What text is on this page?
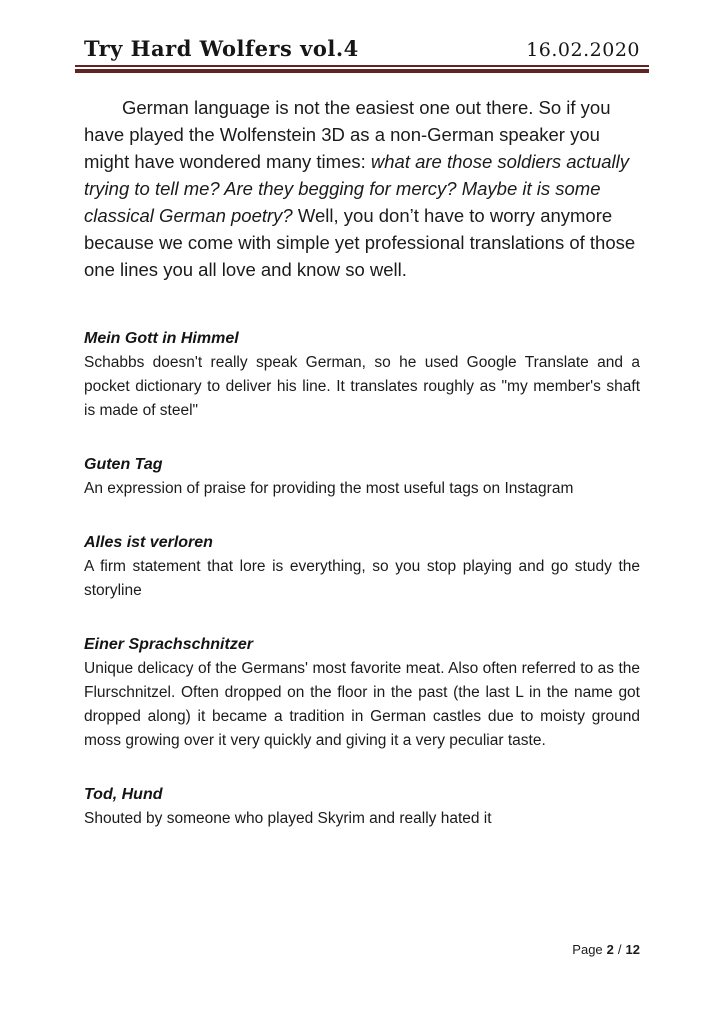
Try Hard Wolfers vol.4	16.02.2020

German language is not the easiest one out there. So if you have played the Wolfenstein 3D as a non-German speaker you might have wondered many times: what are those soldiers actually trying to tell me? Are they begging for mercy? Maybe it is some classical German poetry? Well, you don’t have to worry anymore because we come with simple yet professional translations of those one lines you all love and know so well.

Mein Gott in Himmel
Schabbs doesn't really speak German, so he used Google Translate and a pocket dictionary to deliver his line. It translates roughly as "my member's shaft is made of steel"
Guten Tag
An expression of praise for providing the most useful tags on Instagram
Alles ist verloren
A firm statement that lore is everything, so you stop playing and go study the storyline
Einer Sprachschnitzer
Unique delicacy of the Germans' most favorite meat. Also often referred to as the Flurschnitzel. Often dropped on the floor in the past (the last L in the name got dropped along) it became a tradition in German castles due to moisty ground moss growing over it very quickly and giving it a very peculiar taste.
Tod, Hund
Shouted by someone who played Skyrim and really hated it
Page 2 / 12
